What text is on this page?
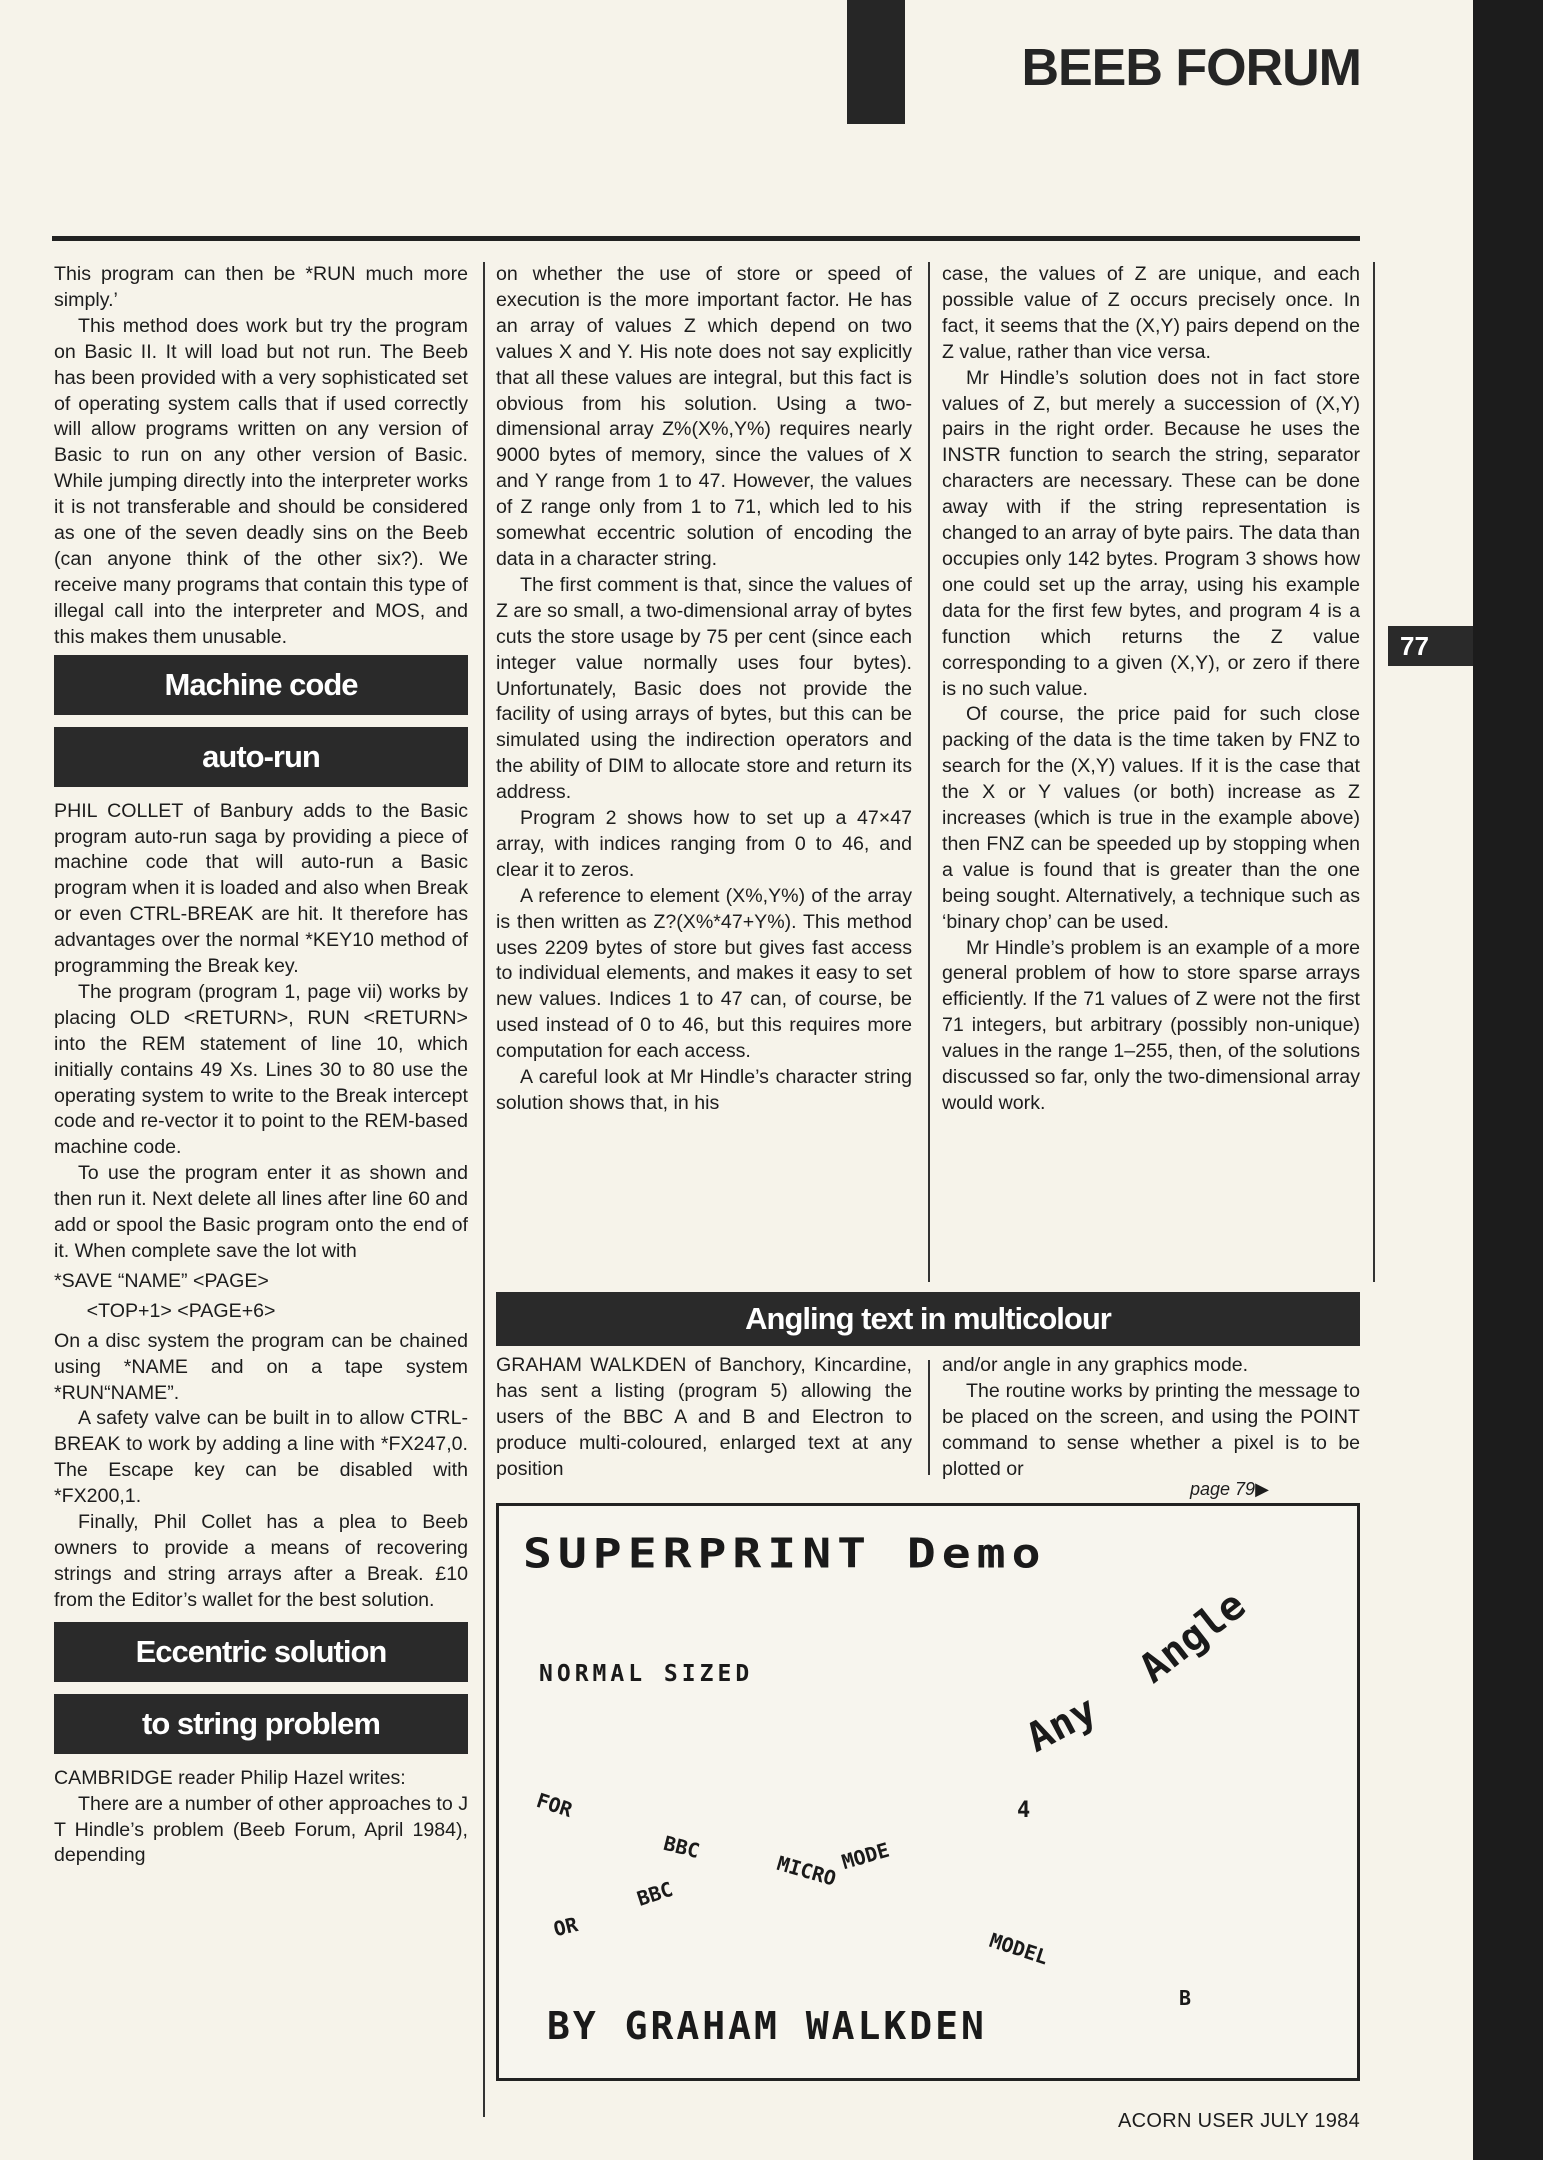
BEEB FORUM
77

This program can then be *RUN much more simply.’

This method does work but try the program on Basic II. It will load but not run. The Beeb has been provided with a very sophisticated set of operating system calls that if used correctly will allow programs written on any version of Basic to run on any other version of Basic. While jumping directly into the interpreter works it is not transferable and should be considered as one of the seven deadly sins on the Beeb (can anyone think of the other six?). We receive many programs that contain this type of illegal call into the interpreter and MOS, and this makes them unusable.

Machine code
auto-run

PHIL COLLET of Banbury adds to the Basic program auto-run saga by providing a piece of machine code that will auto-run a Basic program when it is loaded and also when Break or even CTRL-BREAK are hit. It therefore has advantages over the normal *KEY10 method of programming the Break key.

The program (program 1, page vii) works by placing OLD <RETURN>, RUN <RETURN> into the REM statement of line 10, which initially contains 49 Xs. Lines 30 to 80 use the operating system to write to the Break intercept code and re-vector it to point to the REM-based machine code.

To use the program enter it as shown and then run it. Next delete all lines after line 60 and add or spool the Basic program onto the end of it. When complete save the lot with

*SAVE “NAME” <PAGE>

<TOP+1> <PAGE+6>

On a disc system the program can be chained using *NAME and on a tape system *RUN“NAME”.

A safety valve can be built in to allow CTRL-BREAK to work by adding a line with *FX247,0. The Escape key can be disabled with *FX200,1.

Finally, Phil Collet has a plea to Beeb owners to provide a means of recovering strings and string arrays after a Break. £10 from the Editor’s wallet for the best solution.

Eccentric solution
to string problem

CAMBRIDGE reader Philip Hazel writes:

There are a number of other approaches to J T Hindle’s problem (Beeb Forum, April 1984), depending

on whether the use of store or speed of execution is the more important factor. He has an array of values Z which depend on two values X and Y. His note does not say explicitly that all these values are integral, but this fact is obvious from his solution. Using a two-dimensional array Z%(X%,Y%) requires nearly 9000 bytes of memory, since the values of X and Y range from 1 to 47. However, the values of Z range only from 1 to 71, which led to his somewhat eccentric solution of encoding the data in a character string.

The first comment is that, since the values of Z are so small, a two-dimensional array of bytes cuts the store usage by 75 per cent (since each integer value normally uses four bytes). Unfortunately, Basic does not provide the facility of using arrays of bytes, but this can be simulated using the indirection operators and the ability of DIM to allocate store and return its address.

Program 2 shows how to set up a 47×47 array, with indices ranging from 0 to 46, and clear it to zeros.

A reference to element (X%,Y%) of the array is then written as Z?(X%*47+Y%). This method uses 2209 bytes of store but gives fast access to individual elements, and makes it easy to set new values. Indices 1 to 47 can, of course, be used instead of 0 to 46, but this requires more computation for each access.

A careful look at Mr Hindle’s character string solution shows that, in his

case, the values of Z are unique, and each possible value of Z occurs precisely once. In fact, it seems that the (X,Y) pairs depend on the Z value, rather than vice versa.

Mr Hindle’s solution does not in fact store values of Z, but merely a succession of (X,Y) pairs in the right order. Because he uses the INSTR function to search the string, separator characters are necessary. These can be done away with if the string representation is changed to an array of byte pairs. The data than occupies only 142 bytes. Program 3 shows how one could set up the array, using his example data for the first few bytes, and program 4 is a function which returns the Z value corresponding to a given (X,Y), or zero if there is no such value.

Of course, the price paid for such close packing of the data is the time taken by FNZ to search for the (X,Y) values. If it is the case that the X or Y values (or both) increase as Z increases (which is true in the example above) then FNZ can be speeded up by stopping when a value is found that is greater than the one being sought. Alternatively, a technique such as ‘binary chop’ can be used.

Mr Hindle’s problem is an example of a more general problem of how to store sparse arrays efficiently. If the 71 values of Z were not the first 71 integers, but arbitrary (possibly non-unique) values in the range 1–255, then, of the solutions discussed so far, only the two-dimensional array would work.

Angling text in multicolour

GRAHAM WALKDEN of Banchory, Kincardine, has sent a listing (program 5) allowing the users of the BBC A and B and Electron to produce multi-coloured, enlarged text at any position

and/or angle in any graphics mode.

The routine works by printing the message to be placed on the screen, and using the POINT command to sense whether a pixel is to be plotted or

page 79▶
SUPERPRINT Demo
NORMAL SIZED
Any
Angle
FOR
BBC	MODE
4
OR
BBC
MICRO
MODEL
B
BY GRAHAM WALKDEN
ACORN USER JULY 1984
